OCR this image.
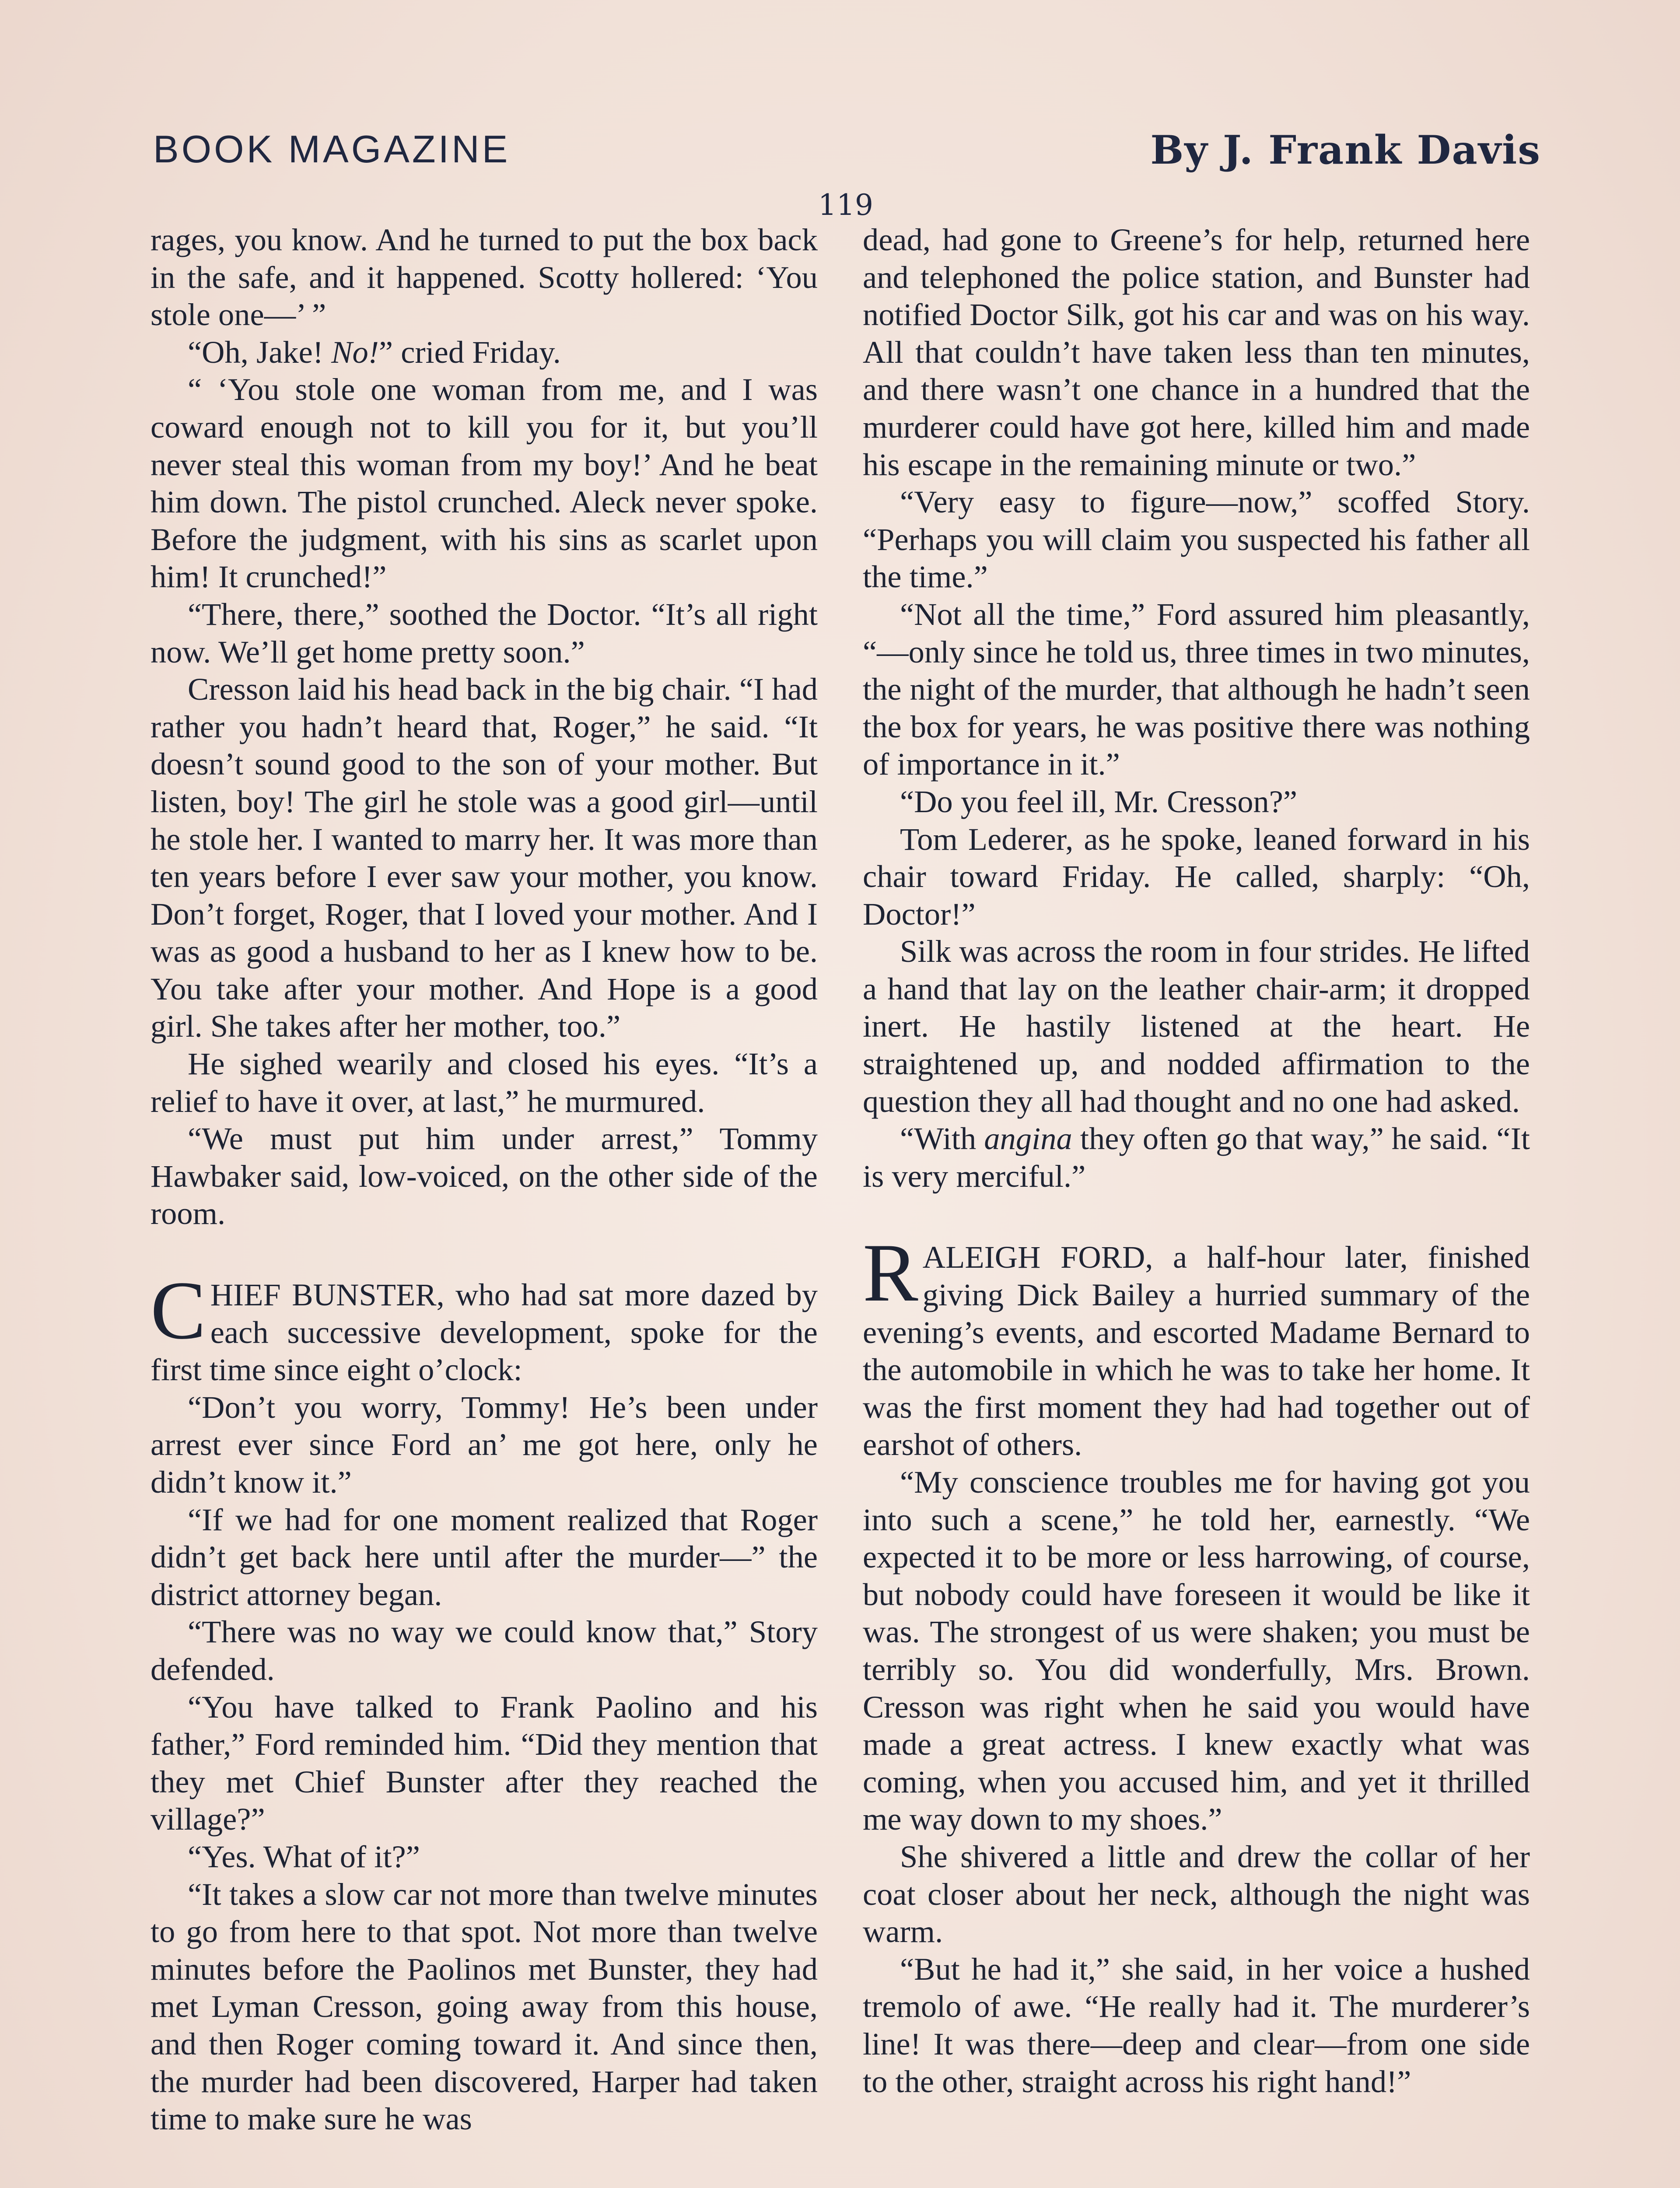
BOOK MAGAZINE	By J. Frank Davis
119

rages, you know. And he turned to put the box back in the safe, and it happened. Scotty hollered: ‘You stole one—’ ”

“Oh, Jake! No!” cried Friday.

“ ‘You stole one woman from me, and I was coward enough not to kill you for it, but you’ll never steal this woman from my boy!’ And he beat him down. The pistol crunched. Aleck never spoke. Before the judgment, with his sins as scarlet upon him! It crunched!”

“There, there,” soothed the Doctor. “It’s all right now. We’ll get home pretty soon.”

Cresson laid his head back in the big chair. “I had rather you hadn’t heard that, Roger,” he said. “It doesn’t sound good to the son of your mother. But listen, boy! The girl he stole was a good girl—until he stole her. I wanted to marry her. It was more than ten years before I ever saw your mother, you know. Don’t forget, Roger, that I loved your mother. And I was as good a husband to her as I knew how to be. You take after your mother. And Hope is a good girl. She takes after her mother, too.”

He sighed wearily and closed his eyes. “It’s a relief to have it over, at last,” he murmured.

“We must put him under arrest,” Tommy Hawbaker said, low-voiced, on the other side of the room.

CHIEF BUNSTER, who had sat more dazed by each successive development, spoke for the first time since eight o’clock:

“Don’t you worry, Tommy! He’s been under arrest ever since Ford an’ me got here, only he didn’t know it.”

“If we had for one moment realized that Roger didn’t get back here until after the murder—” the district attorney began.

“There was no way we could know that,” Story defended.

“You have talked to Frank Paolino and his father,” Ford reminded him. “Did they mention that they met Chief Bunster after they reached the village?”

“Yes. What of it?”

“It takes a slow car not more than twelve minutes to go from here to that spot. Not more than twelve minutes before the Paolinos met Bunster, they had met Lyman Cresson, going away from this house, and then Roger coming toward it. And since then, the murder had been discovered, Harper had taken time to make sure he was

dead, had gone to Greene’s for help, returned here and telephoned the police station, and Bunster had notified Doctor Silk, got his car and was on his way. All that couldn’t have taken less than ten minutes, and there wasn’t one chance in a hundred that the murderer could have got here, killed him and made his escape in the remaining minute or two.”

“Very easy to figure—now,” scoffed Story. “Perhaps you will claim you suspected his father all the time.”

“Not all the time,” Ford assured him pleasantly, “—only since he told us, three times in two minutes, the night of the murder, that although he hadn’t seen the box for years, he was positive there was nothing of importance in it.”

“Do you feel ill, Mr. Cresson?”

Tom Lederer, as he spoke, leaned forward in his chair toward Friday. He called, sharply: “Oh, Doctor!”

Silk was across the room in four strides. He lifted a hand that lay on the leather chair-arm; it dropped inert. He hastily listened at the heart. He straightened up, and nodded affirmation to the question they all had thought and no one had asked.

“With angina they often go that way,” he said. “It is very merciful.”

RALEIGH FORD, a half-hour later, finished giving Dick Bailey a hurried summary of the evening’s events, and escorted Madame Bernard to the automobile in which he was to take her home. It was the first moment they had had together out of earshot of others.

“My conscience troubles me for having got you into such a scene,” he told her, earnestly. “We expected it to be more or less harrowing, of course, but nobody could have foreseen it would be like it was. The strongest of us were shaken; you must be terribly so. You did wonderfully, Mrs. Brown. Cresson was right when he said you would have made a great actress. I knew exactly what was coming, when you accused him, and yet it thrilled me way down to my shoes.”

She shivered a little and drew the collar of her coat closer about her neck, although the night was warm.

“But he had it,” she said, in her voice a hushed tremolo of awe. “He really had it. The murderer’s line! It was there—deep and clear—from one side to the other, straight across his right hand!”
